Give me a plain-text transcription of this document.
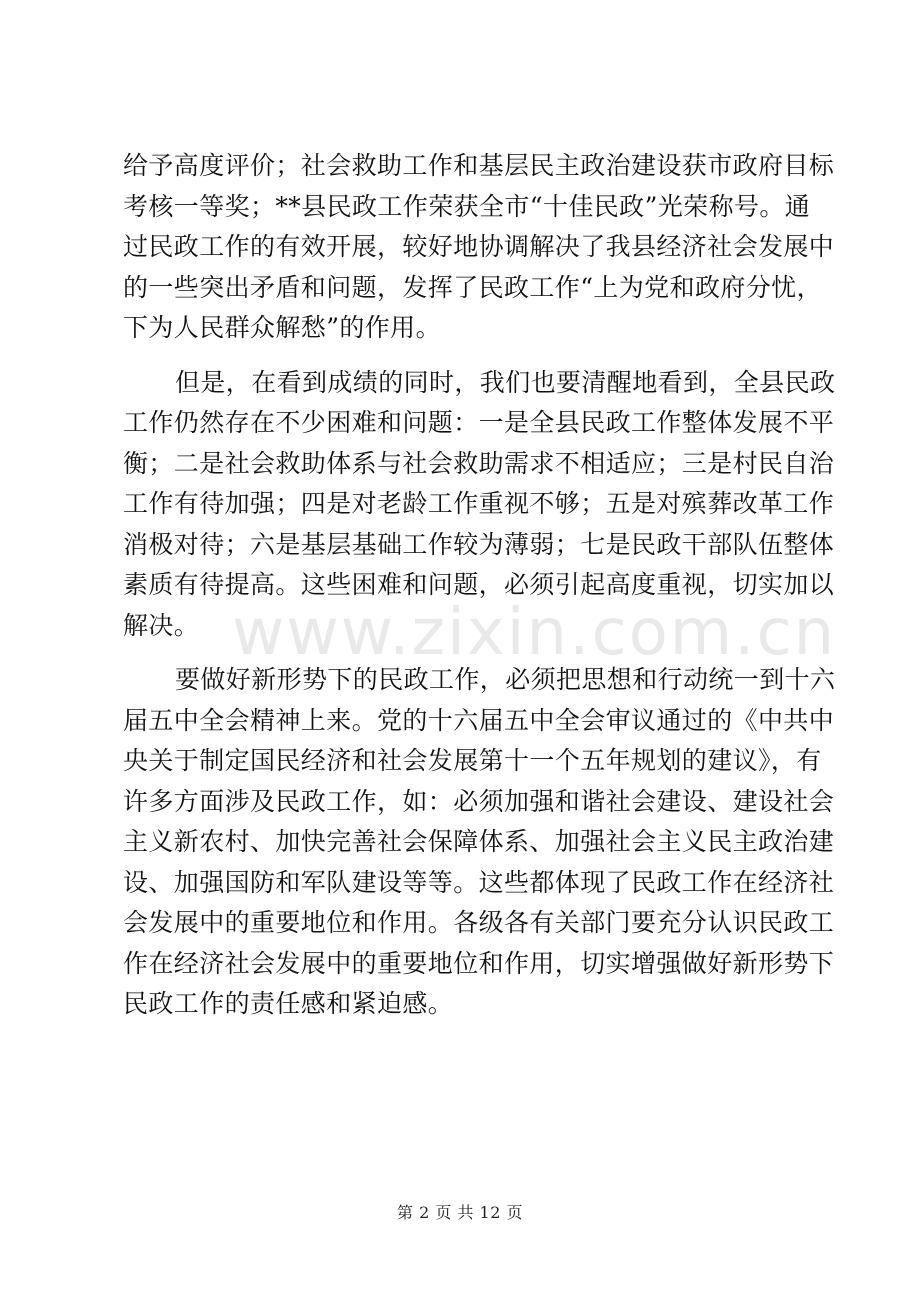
www.zixin.com.cn
给予高度评价；社会救助工作和基层民主政治建设获市政府目标
考核一等奖；**县民政工作荣获全市“十佳民政”光荣称号。通
过民政工作的有效开展，较好地协调解决了我县经济社会发展中
的一些突出矛盾和问题，发挥了民政工作“上为党和政府分忧，
下为人民群众解愁”的作用。
但是，在看到成绩的同时，我们也要清醒地看到，全县民政
工作仍然存在不少困难和问题：一是全县民政工作整体发展不平
衡；二是社会救助体系与社会救助需求不相适应；三是村民自治
工作有待加强；四是对老龄工作重视不够；五是对殡葬改革工作
消极对待；六是基层基础工作较为薄弱；七是民政干部队伍整体
素质有待提高。这些困难和问题，必须引起高度重视，切实加以
解决。
要做好新形势下的民政工作，必须把思想和行动统一到十六
届五中全会精神上来。党的十六届五中全会审议通过的《中共中
央关于制定国民经济和社会发展第十一个五年规划的建议》，有
许多方面涉及民政工作，如：必须加强和谐社会建设、建设社会
主义新农村、加快完善社会保障体系、加强社会主义民主政治建
设、加强国防和军队建设等等。这些都体现了民政工作在经济社
会发展中的重要地位和作用。各级各有关部门要充分认识民政工
作在经济社会发展中的重要地位和作用，切实增强做好新形势下
民政工作的责任感和紧迫感。
第 2 页 共 12 页
